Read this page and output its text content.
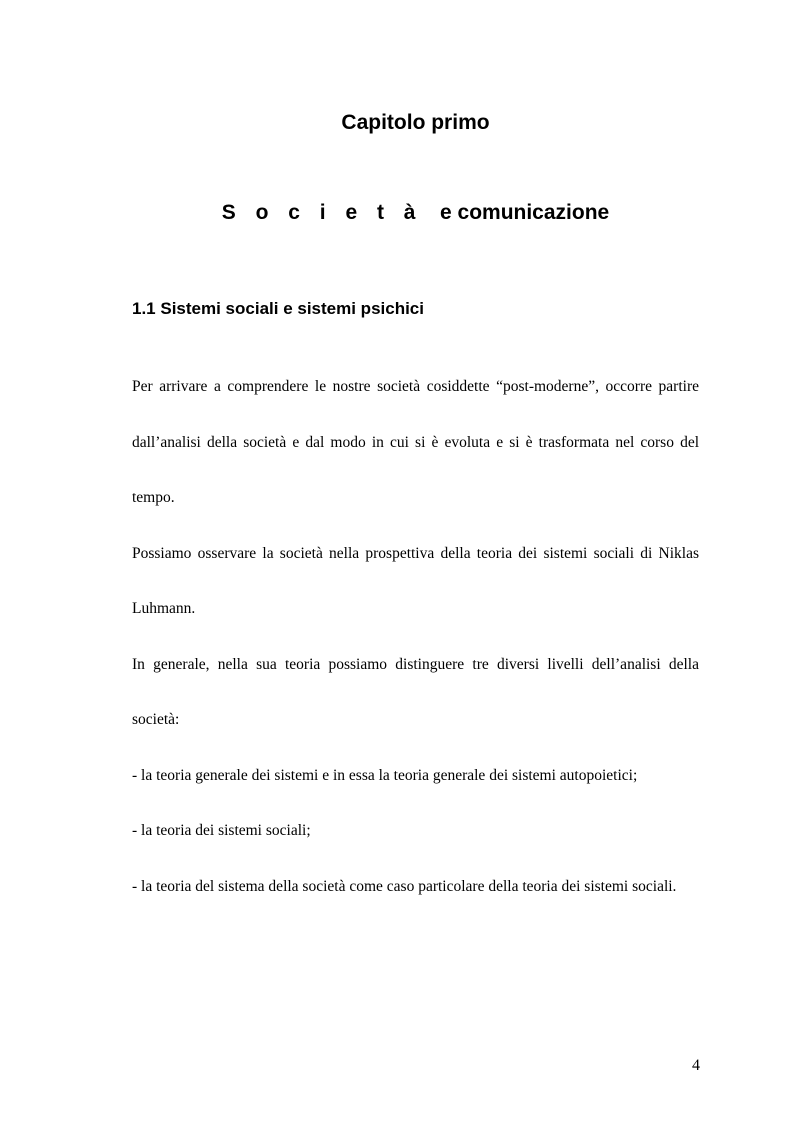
Capitolo primo
S o c i e t à e comunicazione
1.1 Sistemi sociali e sistemi psichici

Per arrivare a comprendere le nostre società cosiddette “post-moderne”, occorre partire dall’analisi della società e dal modo in cui si è evoluta e si è trasformata nel corso del tempo.

Possiamo osservare la società nella prospettiva della teoria dei sistemi sociali di Niklas Luhmann.

In generale, nella sua teoria possiamo distinguere tre diversi livelli dell’analisi della società:

- la teoria generale dei sistemi e in essa la teoria generale dei sistemi autopoietici;

- la teoria dei sistemi sociali;

- la teoria del sistema della società come caso particolare della teoria dei sistemi sociali.

4
